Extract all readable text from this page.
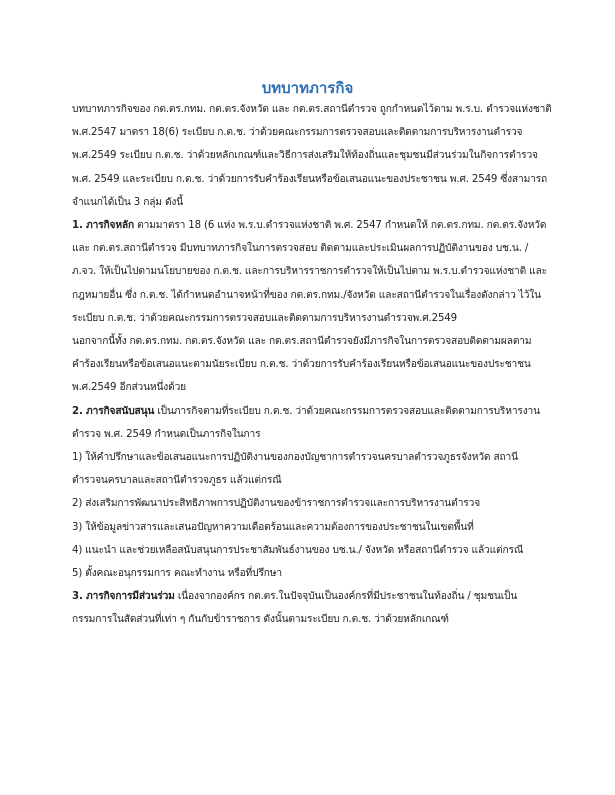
บทบาทภารกิจ

บทบาทภารกิจของ กต.ตร.กทม. กต.ตร.จังหวัด และ กต.ตร.สถานีตำรวจ ถูกกำหนดไว้ตาม พ.ร.บ. ตำรวจแห่งชาติ พ.ศ.2547 มาตรา 18(6) ระเบียบ ก.ต.ช. ว่าด้วยคณะกรรมการตรวจสอบและติดตามการบริหารงานตำรวจ พ.ศ.2549 ระเบียบ ก.ต.ช. ว่าด้วยหลักเกณฑ์และวิธีการส่งเสริมให้ท้องถิ่นและชุมชนมีส่วนร่วมในกิจการตำรวจ พ.ศ. 2549 และระเบียบ ก.ต.ช. ว่าด้วยการรับคำร้องเรียนหรือข้อเสนอแนะของประชาชน พ.ศ. 2549 ซึ่งสามารถจำแนกได้เป็น 3 กลุ่ม ดังนี้

1. ภารกิจหลัก ตามมาตรา 18 (6 แห่ง พ.ร.บ.ตำรวจแห่งชาติ พ.ศ. 2547 กำหนดให้ กต.ตร.กทม. กต.ตร.จังหวัดและ กต.ตร.สถานีตำรวจ มีบทบาทภารกิจในการตรวจสอบ ติดตามและประเมินผลการปฏิบัติงานของ บช.น. / ภ.จว. ให้เป็นไปตามนโยบายของ ก.ต.ช. และการบริหารราชการตำรวจให้เป็นไปตาม พ.ร.บ.ตำรวจแห่งชาติ และกฎหมายอื่น ซึ่ง ก.ต.ช. ได้กำหนดอำนาจหน้าที่ของ กต.ตร.กทม./จังหวัด และสถานีตำรวจในเรื่องดังกล่าว ไว้ในระเบียบ ก.ต.ช. ว่าด้วยคณะกรรมการตรวจสอบและติดตามการบริหารงานตำรวจพ.ศ.2549

นอกจากนี้ทั้ง กต.ตร.กทม. กต.ตร.จังหวัด และ กต.ตร.สถานีตำรวจยังมีภารกิจในการตรวจสอบติดตามผลตามคำร้องเรียนหรือข้อเสนอแนะตามนัยระเบียบ ก.ต.ช. ว่าด้วยการรับคำร้องเรียนหรือข้อเสนอแนะของประชาชน พ.ศ.2549 อีกส่วนหนึ่งด้วย

2. ภารกิจสนับสนุน เป็นภารกิจตามที่ระเบียบ ก.ต.ช. ว่าด้วยคณะกรรมการตรวจสอบและติดตามการบริหารงานตำรวจ พ.ศ. 2549 กำหนดเป็นภารกิจในการ

1) ให้คำปรึกษาและข้อเสนอแนะการปฏิบัติงานของกองบัญชาการตำรวจนครบาลตำรวจภูธรจังหวัด สถานีตำรวจนครบาลและสถานีตำรวจภูธร แล้วแต่กรณี

2) ส่งเสริมการพัฒนาประสิทธิภาพการปฏิบัติงานของข้าราชการตำรวจและการบริหารงานตำรวจ

3) ให้ข้อมูลข่าวสารและเสนอปัญหาความเดือดร้อนและความต้องการของประชาชนในเขตพื้นที่

4) แนะนำ และช่วยเหลือสนับสนุนการประชาสัมพันธ์งานของ บช.น./ จังหวัด หรือสถานีตำรวจ แล้วแต่กรณี

5) ตั้งคณะอนุกรรมการ คณะทำงาน หรือที่ปรึกษา

3. ภารกิจการมีส่วนร่วม เนื่องจากองค์กร กต.ตร.ในปัจจุบันเป็นองค์กรที่มีประชาชนในท้องถิ่น / ชุมชนเป็นกรรมการในสัดส่วนที่เท่า ๆ กันกับข้าราชการ ดังนั้นตามระเบียบ ก.ต.ช. ว่าด้วยหลักเกณฑ์
